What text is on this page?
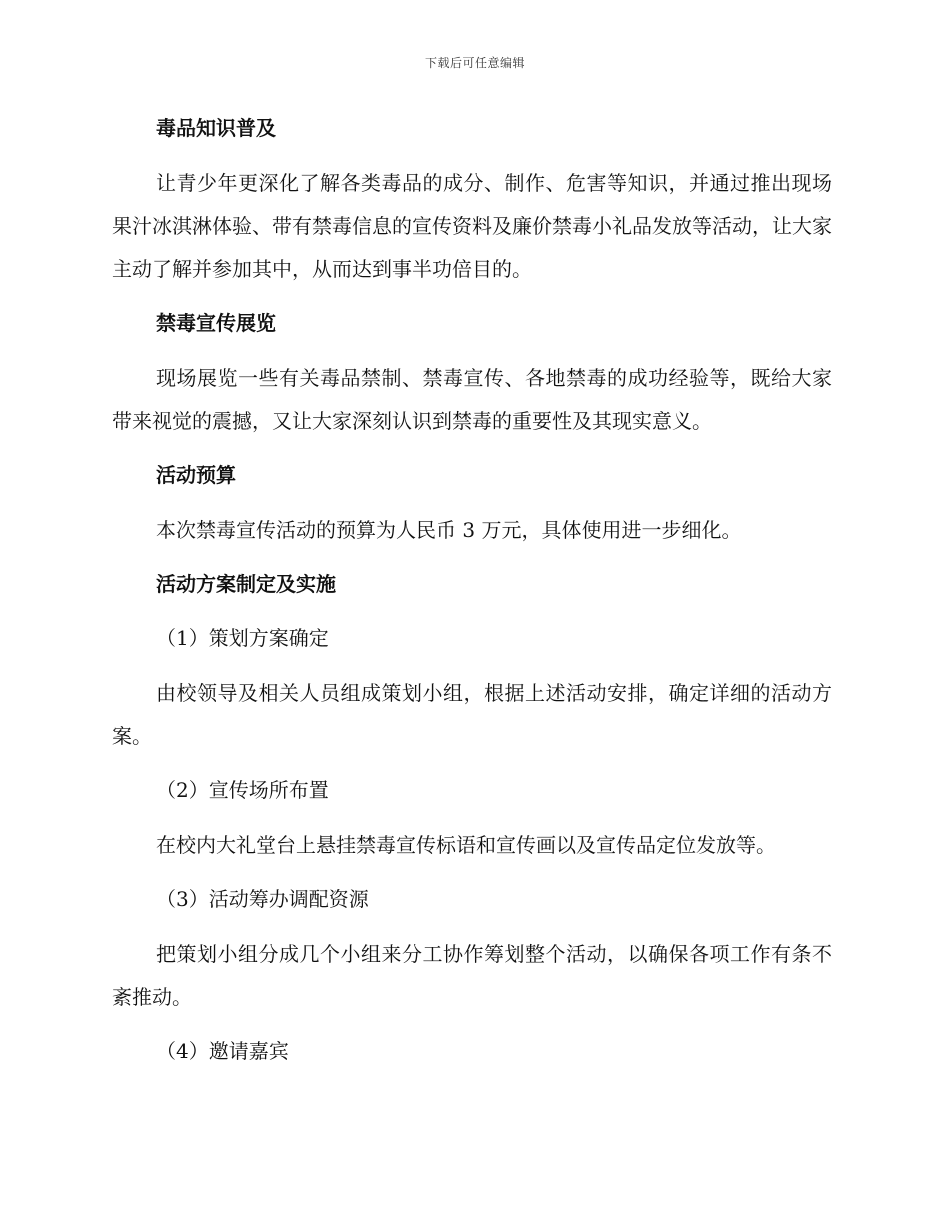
下载后可任意编辑
毒品知识普及

让青少年更深化了解各类毒品的成分、制作、危害等知识，并通过推出现场果汁冰淇淋体验、带有禁毒信息的宣传资料及廉价禁毒小礼品发放等活动，让大家主动了解并参加其中，从而达到事半功倍目的。

禁毒宣传展览

现场展览一些有关毒品禁制、禁毒宣传、各地禁毒的成功经验等，既给大家带来视觉的震撼，又让大家深刻认识到禁毒的重要性及其现实意义。

活动预算

本次禁毒宣传活动的预算为人民币 3 万元，具体使用进一步细化。

活动方案制定及实施

（1）策划方案确定

由校领导及相关人员组成策划小组，根据上述活动安排，确定详细的活动方案。

（2）宣传场所布置

在校内大礼堂台上悬挂禁毒宣传标语和宣传画以及宣传品定位发放等。

（3）活动筹办调配资源

把策划小组分成几个小组来分工协作筹划整个活动，以确保各项工作有条不紊推动。

（4）邀请嘉宾
